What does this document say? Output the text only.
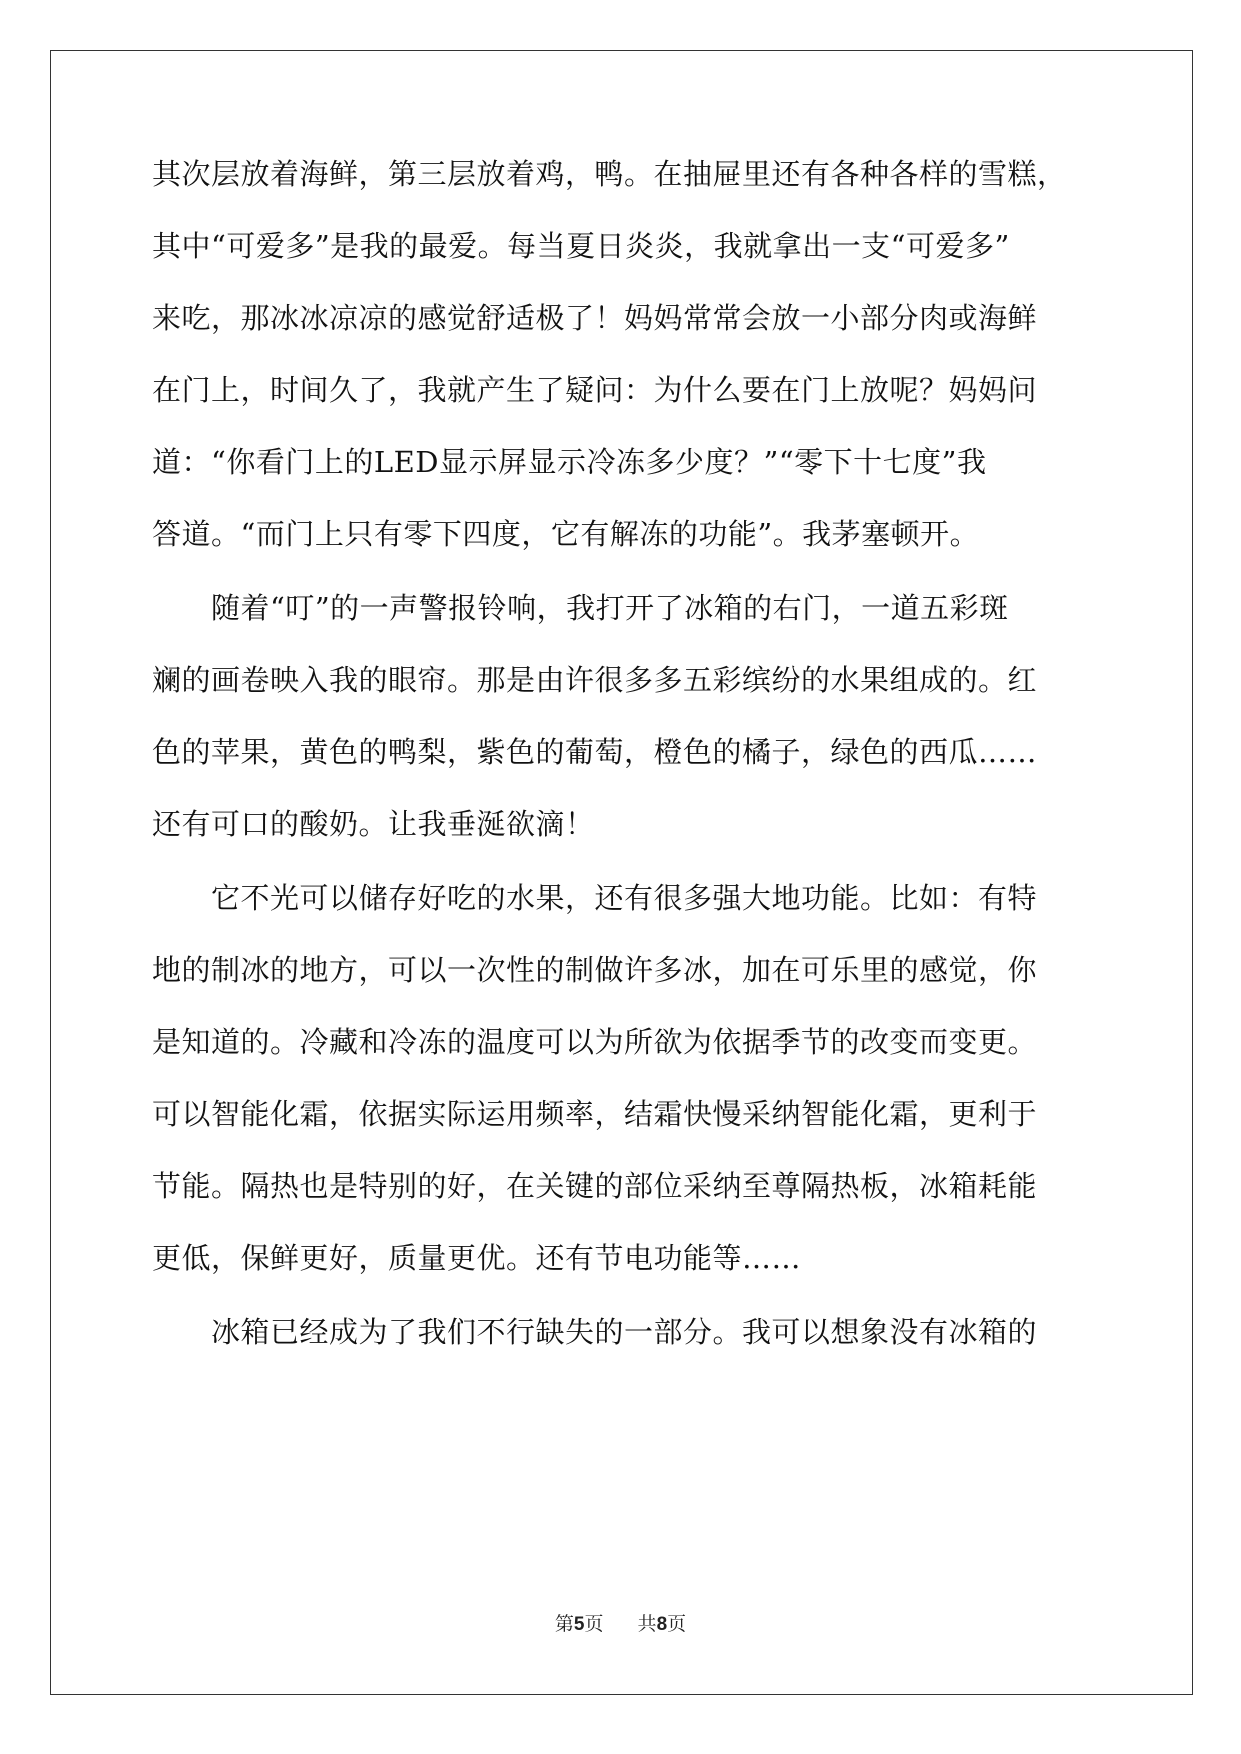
其次层放着海鲜，第三层放着鸡，鸭。在抽屉里还有各种各样的雪糕，
其中“可爱多”是我的最爱。每当夏日炎炎，我就拿出一支“可爱多”
来吃，那冰冰凉凉的感觉舒适极了！妈妈常常会放一小部分肉或海鲜
在门上，时间久了，我就产生了疑问：为什么要在门上放呢？妈妈问
道：“你看门上的LED显示屏显示冷冻多少度？”“零下十七度”我
答道。“而门上只有零下四度，它有解冻的功能”。我茅塞顿开。
　　随着“叮”的一声警报铃响，我打开了冰箱的右门，一道五彩斑
斓的画卷映入我的眼帘。那是由许很多多五彩缤纷的水果组成的。红
色的苹果，黄色的鸭梨，紫色的葡萄，橙色的橘子，绿色的西瓜……
还有可口的酸奶。让我垂涎欲滴！
　　它不光可以储存好吃的水果，还有很多强大地功能。比如：有特
地的制冰的地方，可以一次性的制做许多冰，加在可乐里的感觉，你
是知道的。冷藏和冷冻的温度可以为所欲为依据季节的改变而变更。
可以智能化霜，依据实际运用频率，结霜快慢采纳智能化霜，更利于
节能。隔热也是特别的好，在关键的部位采纳至尊隔热板，冰箱耗能
更低，保鲜更好，质量更优。还有节电功能等……
　　冰箱已经成为了我们不行缺失的一部分。我可以想象没有冰箱的
第5页 共8页
